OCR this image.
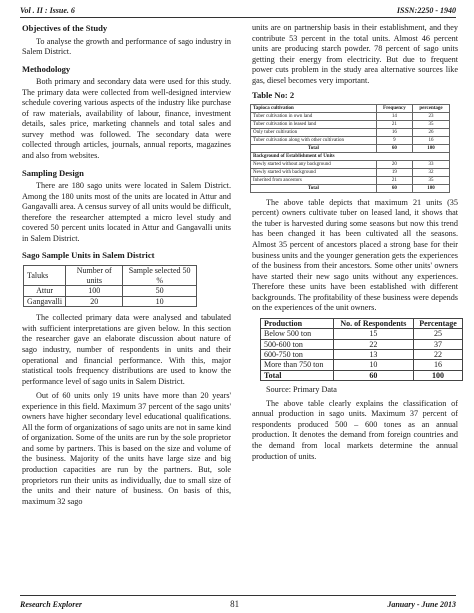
Vol . II : Issue. 6	ISSN:2250 - 1940

Objectives of the Study

To analyse the growth and performance of sago industry in Salem District.

Methodology

Both primary and secondary data were used for this study. The primary data were collected from well-designed interview schedule covering various aspects of the industry like purchase of raw materials, availability of labour, finance, investment details, sales price, marketing channels and total sales and survey method was followed. The secondary data were collected through articles, journals, annual reports, magazines and also from websites.

Sampling Design

There are 180 sago units were located in Salem District. Among the 180 units most of the units are located in Attur and Gangavalli area. A census survey of all units would be difficult, therefore the researcher attempted a micro level study and covered 50 percent units located in Attur and Gangavalli units in Salem District.

Sago Sample Units in Salem District

Taluks	Number of units	Sample selected 50 %
Attur	100	50
Gangavalli	20	10

The collected primary data were analysed and tabulated with sufficient interpretations are given below. In this section the researcher gave an elaborate discussion about nature of sago industry, number of respondents in units and their operational and financial performance. With this, major statistical tools frequency distributions are used to know the performance level of sago units in Salem District.

Out of 60 units only 19 units have more than 20 years' experience in this field. Maximum 37 percent of the sago units' owners have higher secondary level educational qualifications. All the form of organizations of sago units are not in same kind of organization. Some of the units are run by the sole proprietor and some by partners. This is based on the size and volume of the business. Majority of the units have large size and big production capacities are run by the partners. But, sole proprietors run their units as individually, due to small size of the units and their nature of business. On basis of this, maximum 32 sago

units are on partnership basis in their establishment, and they contribute 53 percent in the total units. Almost 46 percent units are producing starch powder. 78 percent of sago units getting their energy from electricity. But due to frequent power cuts problem in the study area alternative sources like gas, diesel becomes very important.

Table No: 2

Tapioca cultivation	Frequency	percentage
Tuber cultivation in own land	14	23
Tuber cultivation in leased land	21	35
Only tuber cultivation	16	26
Tuber cultivation along with other cultivation	9	16
Total	60	100
Background of Establishment of Units		
Newly started without any background	20	33
Newly started with background	19	32
Inherited from ancestors	21	35
Total	60	100

The above table depicts that maximum 21 units (35 percent) owners cultivate tuber on leased land, it shows that the tuber is harvested during some seasons but now this trend has been changed it has been cultivated all the seasons. Almost 35 percent of ancestors placed a strong base for their business units and the younger generation gets the experiences of the business from their ancestors. Some other units' owners have started their new sago units without any experiences. Therefore these units have been established with different backgrounds. The profitability of these business were depends on the experiences of the unit owners.

Production	No. of Respondents	Percentage
Below 500 ton	15	25
500-600 ton	22	37
600-750 ton	13	22
More than 750 ton	10	16
Total	60	100

Source: Primary Data

The above table clearly explains the classification of annual production in sago units. Maximum 37 percent of respondents produced 500 – 600 tones as an annual production. It denotes the demand from foreign countries and the demand from local markets determine the annual production of units.

Research Explorer	81	January - June 2013
